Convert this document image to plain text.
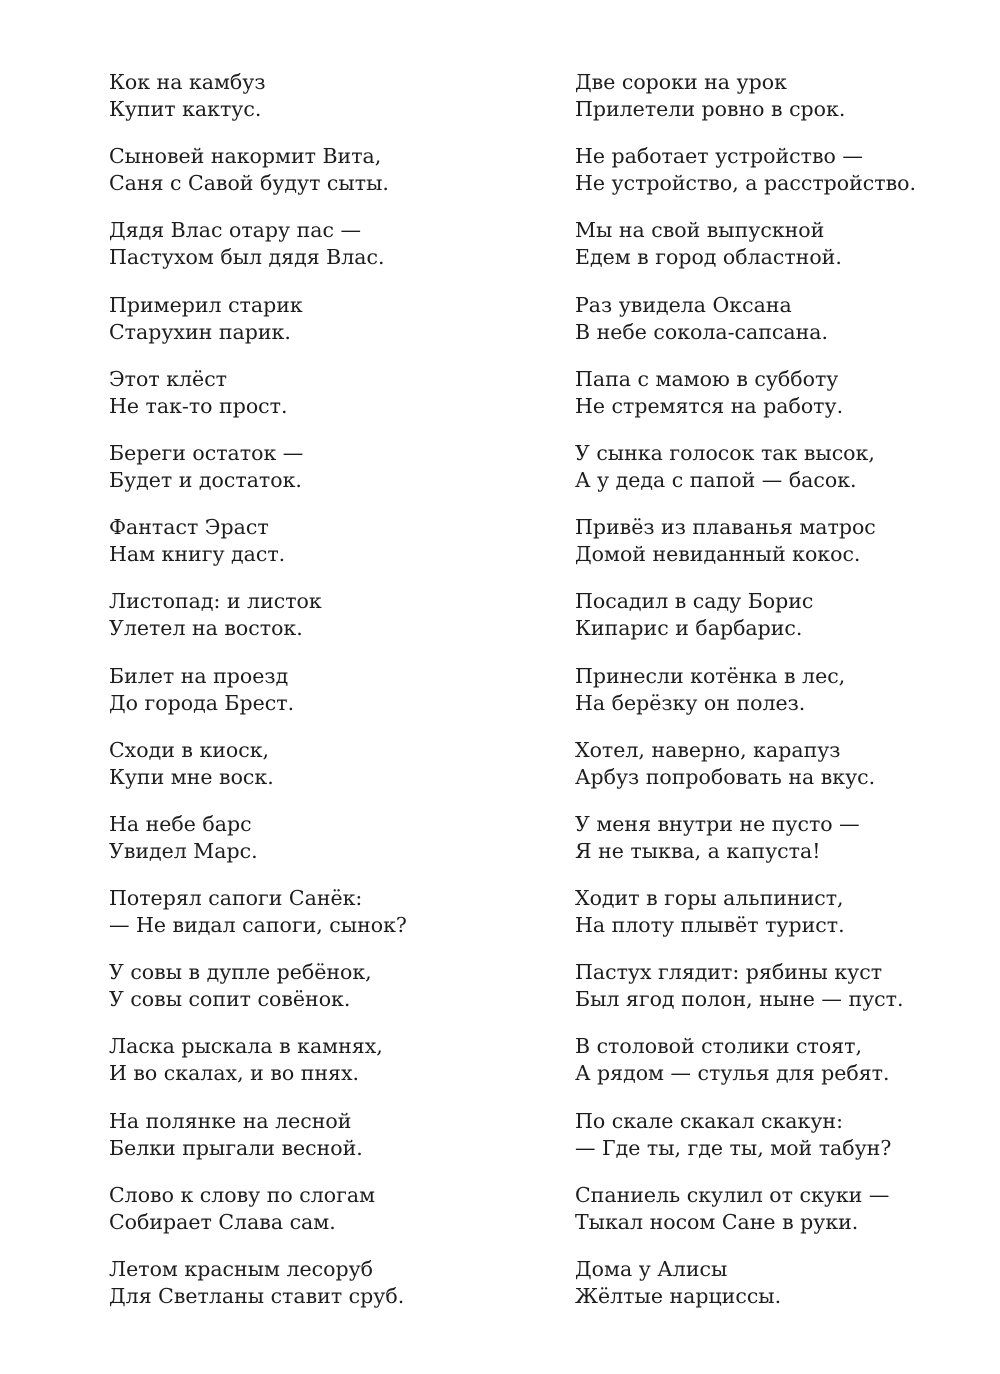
Кок на камбуз
Купит кактус.
Сыновей накормит Вита,
Саня с Савой будут сыты.
Дядя Влас отару пас —
Пастухом был дядя Влас.
Примерил старик
Старухин парик.
Этот клёст
Не так-то прост.
Береги остаток —
Будет и достаток.
Фантаст Эраст
Нам книгу даст.
Листопад: и листок
Улетел на восток.
Билет на проезд
До города Брест.
Сходи в киоск,
Купи мне воск.
На небе барс
Увидел Марс.
Потерял сапоги Санёк:
— Не видал сапоги, сынок?
У совы в дупле ребёнок,
У совы сопит совёнок.
Ласка рыскала в камнях,
И во скалах, и во пнях.
На полянке на лесной
Белки прыгали весной.
Слово к слову по слогам
Собирает Слава сам.
Летом красным лесоруб
Для Светланы ставит сруб.
Две сороки на урок
Прилетели ровно в срок.
Не работает устройство —
Не устройство, а расстройство.
Мы на свой выпускной
Едем в город областной.
Раз увидела Оксана
В небе сокола-сапсана.
Папа с мамою в субботу
Не стремятся на работу.
У сынка голосок так высок,
А у деда с папой — басок.
Привёз из плаванья матрос
Домой невиданный кокос.
Посадил в саду Борис
Кипарис и барбарис.
Принесли котёнка в лес,
На берёзку он полез.
Хотел, наверно, карапуз
Арбуз попробовать на вкус.
У меня внутри не пусто —
Я не тыква, а капуста!
Ходит в горы альпинист,
На плоту плывёт турист.
Пастух глядит: рябины куст
Был ягод полон, ныне — пуст.
В столовой столики стоят,
А рядом — стулья для ребят.
По скале скакал скакун:
— Где ты, где ты, мой табун?
Спаниель скулил от скуки —
Тыкал носом Сане в руки.
Дома у Алисы
Жёлтые нарциссы.
